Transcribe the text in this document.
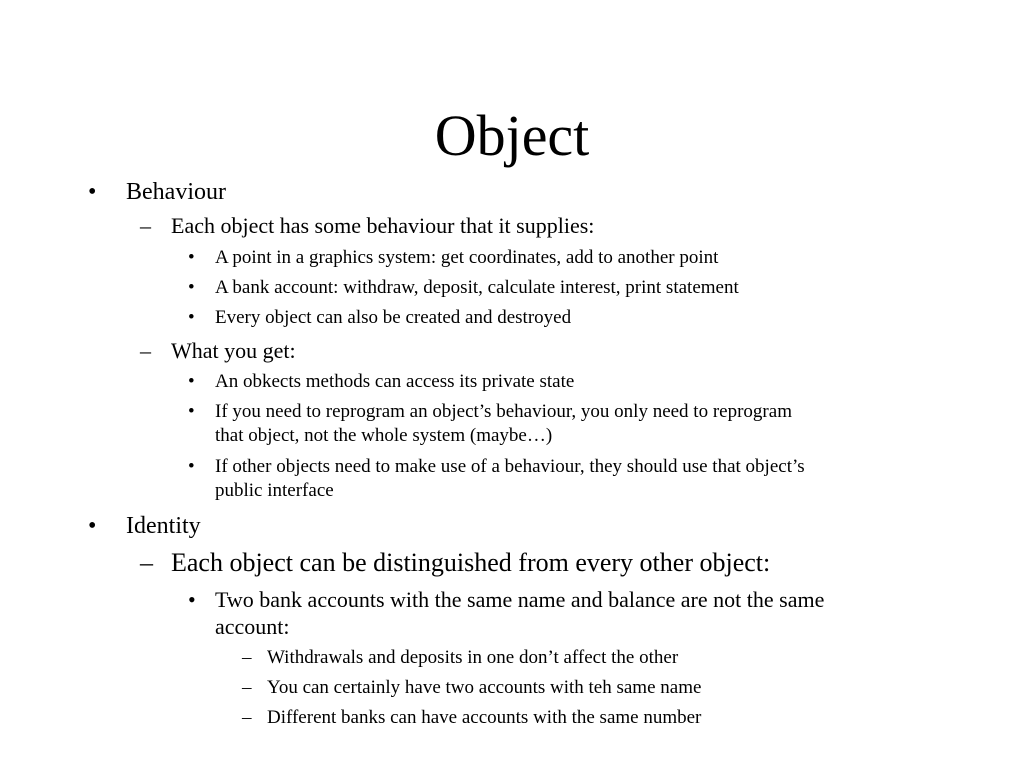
Object
• Behaviour
– Each object has some behaviour that it supplies:
• A point in a graphics system: get coordinates, add to another point
• A bank account: withdraw, deposit, calculate interest, print statement
• Every object can also be created and destroyed
– What you get:
• An obkects methods can access its private state
• If you need to reprogram an object’s behaviour, you only need to reprogram
that object, not the whole system (maybe…)
• If other objects need to make use of a behaviour, they should use that object’s
public interface
• Identity
– Each object can be distinguished from every other object:
• Two bank accounts with the same name and balance are not the same
account:
– Withdrawals and deposits in one don’t affect the other
– You can certainly have two accounts with teh same name
– Different banks can have accounts with the same number
